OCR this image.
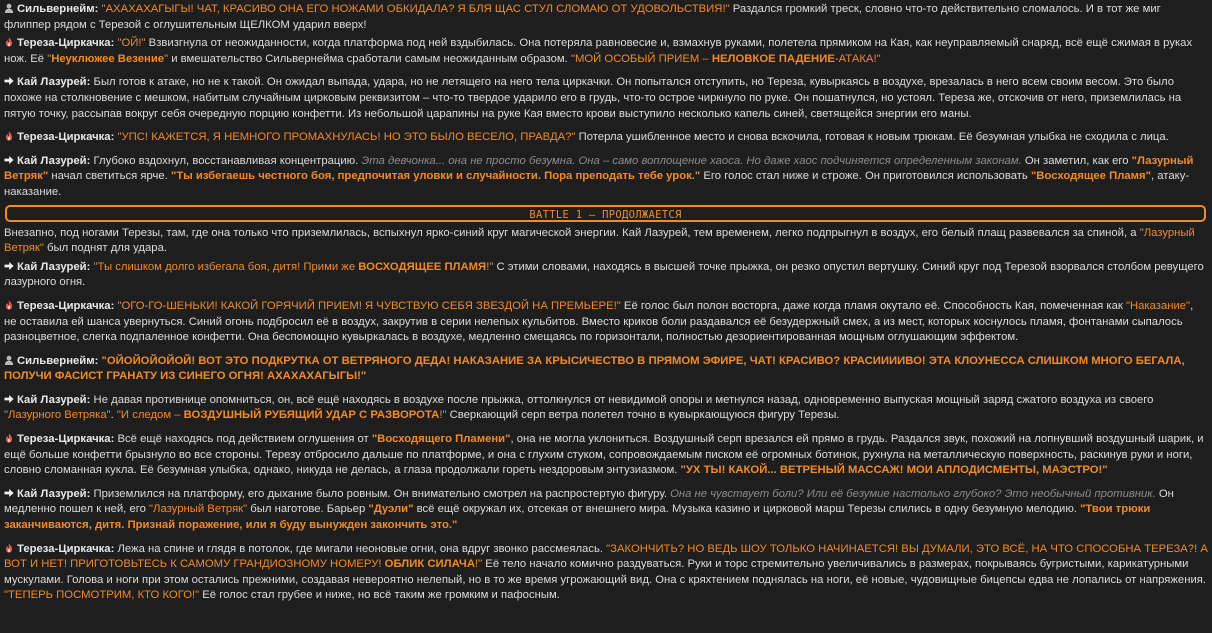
Сильвернейм: "АХАХАХАГЫГЫ! ЧАТ, КРАСИВО ОНА ЕГО НОЖАМИ ОБКИДАЛА? Я БЛЯ ЩАС СТУЛ СЛОМАЮ ОТ УДОВОЛЬСТВИЯ!" Раздался громкий треск, словно что-то действительно сломалось. И в тот же миг флиппер рядом с Терезой с оглушительным ЩЕЛКОМ ударил вверх!
Тереза-Циркачка: "ОЙ!" Взвизгнула от неожиданности, когда платформа под ней вздыбилась. Она потеряла равновесие и, взмахнув руками, полетела прямиком на Кая, как неуправляемый снаряд, всё ещё сжимая в руках нож. Её "Неуклюжее Везение" и вмешательство Сильвернейма сработали самым неожиданным образом. "МОЙ ОСОБЫЙ ПРИЕМ – НЕЛОВКОЕ ПАДЕНИЕ-АТАКА!"
Кай Лазурей: Был готов к атаке, но не к такой. Он ожидал выпада, удара, но не летящего на него тела циркачки. Он попытался отступить, но Тереза, кувыркаясь в воздухе, врезалась в него всем своим весом. Это было похоже на столкновение с мешком, набитым случайным цирковым реквизитом – что-то твердое ударило его в грудь, что-то острое чиркнуло по руке. Он пошатнулся, но устоял. Тереза же, отскочив от него, приземлилась на пятую точку, рассыпав вокруг себя очередную порцию конфетти. Из небольшой царапины на руке Кая вместо крови выступило несколько капель синей, светящейся энергии его маны.
Тереза-Циркачка: "УПС! КАЖЕТСЯ, Я НЕМНОГО ПРОМАХНУЛАСЬ! НО ЭТО БЫЛО ВЕСЕЛО, ПРАВДА?" Потерла ушибленное место и снова вскочила, готовая к новым трюкам. Её безумная улыбка не сходила с лица.
Кай Лазурей: Глубоко вздохнул, восстанавливая концентрацию. Эта девчонка... она не просто безумна. Она – само воплощение хаоса. Но даже хаос подчиняется определенным законам. Он заметил, как его "Лазурный Ветряк" начал светиться ярче. "Ты избегаешь честного боя, предпочитая уловки и случайности. Пора преподать тебе урок." Его голос стал ниже и строже. Он приготовился использовать "Восходящее Пламя", атаку-наказание.
BATTLE 1 – ПРОДОЛЖАЕТСЯ
Внезапно, под ногами Терезы, там, где она только что приземлилась, вспыхнул ярко-синий круг магической энергии. Кай Лазурей, тем временем, легко подпрыгнул в воздух, его белый плащ развевался за спиной, а "Лазурный Ветряк" был поднят для удара.
Кай Лазурей: "Ты слишком долго избегала боя, дитя! Прими же ВОСХОДЯЩЕЕ ПЛАМЯ!" С этими словами, находясь в высшей точке прыжка, он резко опустил вертушку. Синий круг под Терезой взорвался столбом ревущего лазурного огня.
Тереза-Циркачка: "ОГО-ГО-ШЕНЬКИ! КАКОЙ ГОРЯЧИЙ ПРИЕМ! Я ЧУВСТВУЮ СЕБЯ ЗВЕЗДОЙ НА ПРЕМЬЕРЕ!" Её голос был полон восторга, даже когда пламя окутало её. Способность Кая, помеченная как "Наказание", не оставила ей шанса увернуться. Синий огонь подбросил её в воздух, закрутив в серии нелепых кульбитов. Вместо криков боли раздавался её безудержный смех, а из мест, которых коснулось пламя, фонтанами сыпалось разноцветное, слегка подпаленное конфетти. Она беспомощно кувыркалась в воздухе, медленно смещаясь по горизонтали, полностью дезориентированная мощным оглушающим эффектом.
Сильвернейм: "ОЙОЙОЙОЙОЙ! ВОТ ЭТО ПОДКРУТКА ОТ ВЕТРЯНОГО ДЕДА! НАКАЗАНИЕ ЗА КРЫСИЧЕСТВО В ПРЯМОМ ЭФИРЕ, ЧАТ! КРАСИВО? КРАСИИИИВО! ЭТА КЛОУНЕССА СЛИШКОМ МНОГО БЕГАЛА, ПОЛУЧИ ФАСИСТ ГРАНАТУ ИЗ СИНЕГО ОГНЯ! АХАХАХАГЫГЫ!"
Кай Лазурей: Не давая противнице опомниться, он, всё ещё находясь в воздухе после прыжка, оттолкнулся от невидимой опоры и метнулся назад, одновременно выпуская мощный заряд сжатого воздуха из своего "Лазурного Ветряка". "И следом – ВОЗДУШНЫЙ РУБЯЩИЙ УДАР С РАЗВОРОТА!" Сверкающий серп ветра полетел точно в кувыркающуюся фигуру Терезы.
Тереза-Циркачка: Всё ещё находясь под действием оглушения от "Восходящего Пламени", она не могла уклониться. Воздушный серп врезался ей прямо в грудь. Раздался звук, похожий на лопнувший воздушный шарик, и ещё больше конфетти брызнуло во все стороны. Терезу отбросило дальше по платформе, и она с глухим стуком, сопровождаемым писком её огромных ботинок, рухнула на металлическую поверхность, раскинув руки и ноги, словно сломанная кукла. Её безумная улыбка, однако, никуда не делась, а глаза продолжали гореть нездоровым энтузиазмом. "УХ ТЫ! КАКОЙ... ВЕТРЕНЫЙ МАССАЖ! МОИ АПЛОДИСМЕНТЫ, МАЭСТРО!"
Кай Лазурей: Приземлился на платформу, его дыхание было ровным. Он внимательно смотрел на распростертую фигуру. Она не чувствует боли? Или её безумие настолько глубоко? Это необычный противник. Он медленно пошел к ней, его "Лазурный Ветряк" был наготове. Барьер "Дуэли" всё ещё окружал их, отсекая от внешнего мира. Музыка казино и цирковой марш Терезы слились в одну безумную мелодию. "Твои трюки заканчиваются, дитя. Признай поражение, или я буду вынужден закончить это."
Тереза-Циркачка: Лежа на спине и глядя в потолок, где мигали неоновые огни, она вдруг звонко рассмеялась. "ЗАКОНЧИТЬ? НО ВЕДЬ ШОУ ТОЛЬКО НАЧИНАЕТСЯ! ВЫ ДУМАЛИ, ЭТО ВСЁ, НА ЧТО СПОСОБНА ТЕРЕЗА?! А ВОТ И НЕТ! ПРИГОТОВЬТЕСЬ К САМОМУ ГРАНДИОЗНОМУ НОМЕРУ! ОБЛИК СИЛАЧА!" Её тело начало комично раздуваться. Руки и торс стремительно увеличивались в размерах, покрываясь бугристыми, карикатурными мускулами. Голова и ноги при этом остались прежними, создавая невероятно нелепый, но в то же время угрожающий вид. Она с кряхтением поднялась на ноги, её новые, чудовищные бицепсы едва не лопались от напряжения. "ТЕПЕРЬ ПОСМОТРИМ, КТО КОГО!" Её голос стал грубее и ниже, но всё таким же громким и пафосным.
